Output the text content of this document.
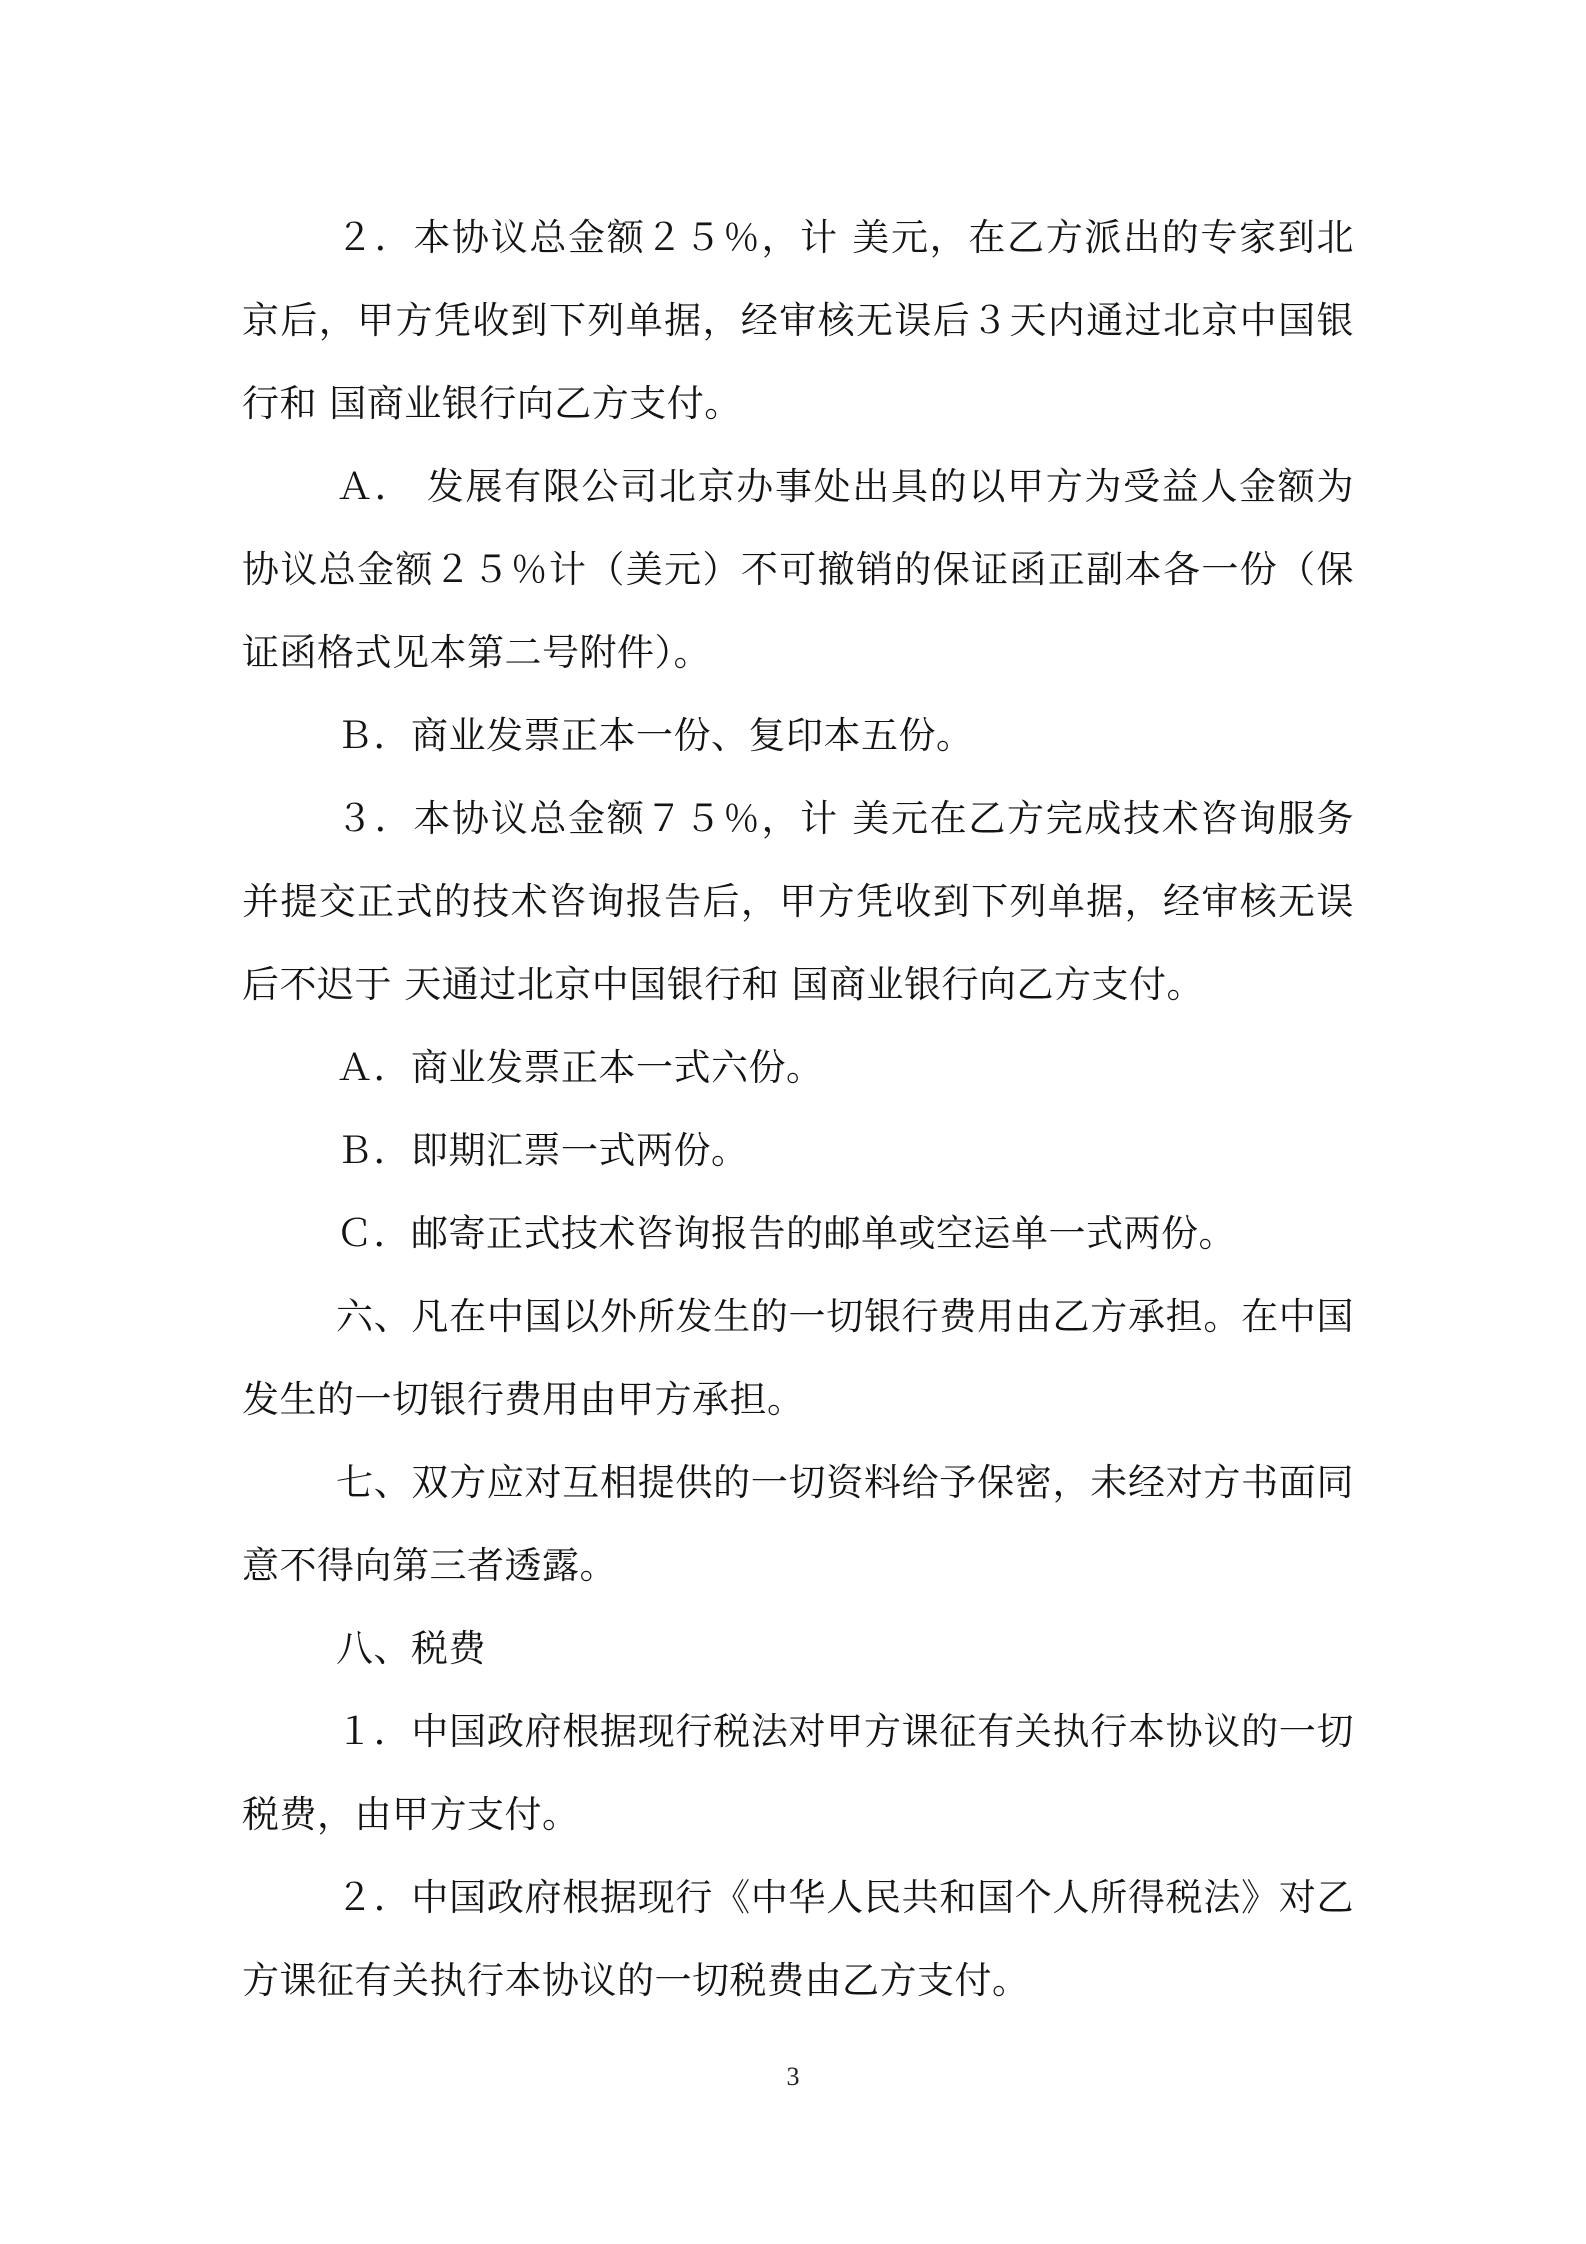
２．本协议总金额２５％，计 美元，在乙方派出的专家到北京后，甲方凭收到下列单据，经审核无误后３天内通过北京中国银行和 国商业银行向乙方支付。

Ａ． 发展有限公司北京办事处出具的以甲方为受益人金额为协议总金额２５％计（美元）不可撤销的保证函正副本各一份（保证函格式见本第二号附件）。

Ｂ．商业发票正本一份、复印本五份。

３．本协议总金额７５％，计 美元在乙方完成技术咨询服务并提交正式的技术咨询报告后，甲方凭收到下列单据，经审核无误后不迟于 天通过北京中国银行和 国商业银行向乙方支付。

Ａ．商业发票正本一式六份。

Ｂ．即期汇票一式两份。

Ｃ．邮寄正式技术咨询报告的邮单或空运单一式两份。

六、凡在中国以外所发生的一切银行费用由乙方承担。在中国发生的一切银行费用由甲方承担。

七、双方应对互相提供的一切资料给予保密，未经对方书面同意不得向第三者透露。

八、税费

１．中国政府根据现行税法对甲方课征有关执行本协议的一切税费，由甲方支付。

２．中国政府根据现行《中华人民共和国个人所得税法》对乙方课征有关执行本协议的一切税费由乙方支付。

3
